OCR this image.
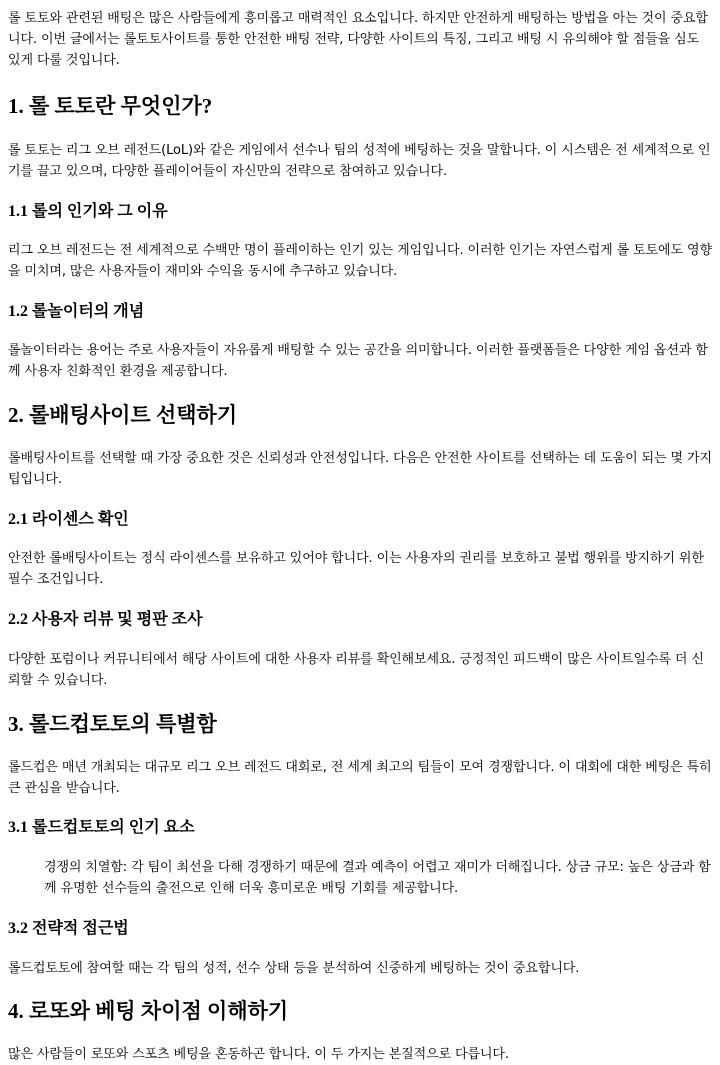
롤 토토와 관련된 배팅은 많은 사람들에게 흥미롭고 매력적인 요소입니다. 하지만 안전하게 배팅하는 방법을 아는 것이 중요합니다. 이번 글에서는 롤토토사이트를 통한 안전한 배팅 전략, 다양한 사이트의 특징, 그리고 배팅 시 유의해야 할 점들을 심도 있게 다룰 것입니다.

1. 롤 토토란 무엇인가?

롤 토토는 리그 오브 레전드(LoL)와 같은 게임에서 선수나 팀의 성적에 베팅하는 것을 말합니다. 이 시스템은 전 세계적으로 인기를 끌고 있으며, 다양한 플레이어들이 자신만의 전략으로 참여하고 있습니다.

1.1 롤의 인기와 그 이유

리그 오브 레전드는 전 세계적으로 수백만 명이 플레이하는 인기 있는 게임입니다. 이러한 인기는 자연스럽게 롤 토토에도 영향을 미치며, 많은 사용자들이 재미와 수익을 동시에 추구하고 있습니다.

1.2 롤놀이터의 개념

롤놀이터라는 용어는 주로 사용자들이 자유롭게 배팅할 수 있는 공간을 의미합니다. 이러한 플랫폼들은 다양한 게임 옵션과 함께 사용자 친화적인 환경을 제공합니다.

2. 롤배팅사이트 선택하기

롤배팅사이트를 선택할 때 가장 중요한 것은 신뢰성과 안전성입니다. 다음은 안전한 사이트를 선택하는 데 도움이 되는 몇 가지 팁입니다.

2.1 라이센스 확인

안전한 롤배팅사이트는 정식 라이센스를 보유하고 있어야 합니다. 이는 사용자의 권리를 보호하고 불법 행위를 방지하기 위한 필수 조건입니다.

2.2 사용자 리뷰 및 평판 조사

다양한 포럼이나 커뮤니티에서 해당 사이트에 대한 사용자 리뷰를 확인해보세요. 긍정적인 피드백이 많은 사이트일수록 더 신뢰할 수 있습니다.

3. 롤드컵토토의 특별함

롤드컵은 매년 개최되는 대규모 리그 오브 레전드 대회로, 전 세계 최고의 팀들이 모여 경쟁합니다. 이 대회에 대한 베팅은 특히 큰 관심을 받습니다.

3.1 롤드컵토토의 인기 요소

경쟁의 치열함: 각 팀이 최선을 다해 경쟁하기 때문에 결과 예측이 어렵고 재미가 더해집니다. 상금 규모: 높은 상금과 함께 유명한 선수들의 출전으로 인해 더욱 흥미로운 배팅 기회를 제공합니다.

3.2 전략적 접근법

롤드컵토토에 참여할 때는 각 팀의 성적, 선수 상태 등을 분석하여 신중하게 베팅하는 것이 중요합니다.

4. 로또와 베팅 차이점 이해하기

많은 사람들이 로또와 스포츠 베팅을 혼동하곤 합니다. 이 두 가지는 본질적으로 다릅니다.
